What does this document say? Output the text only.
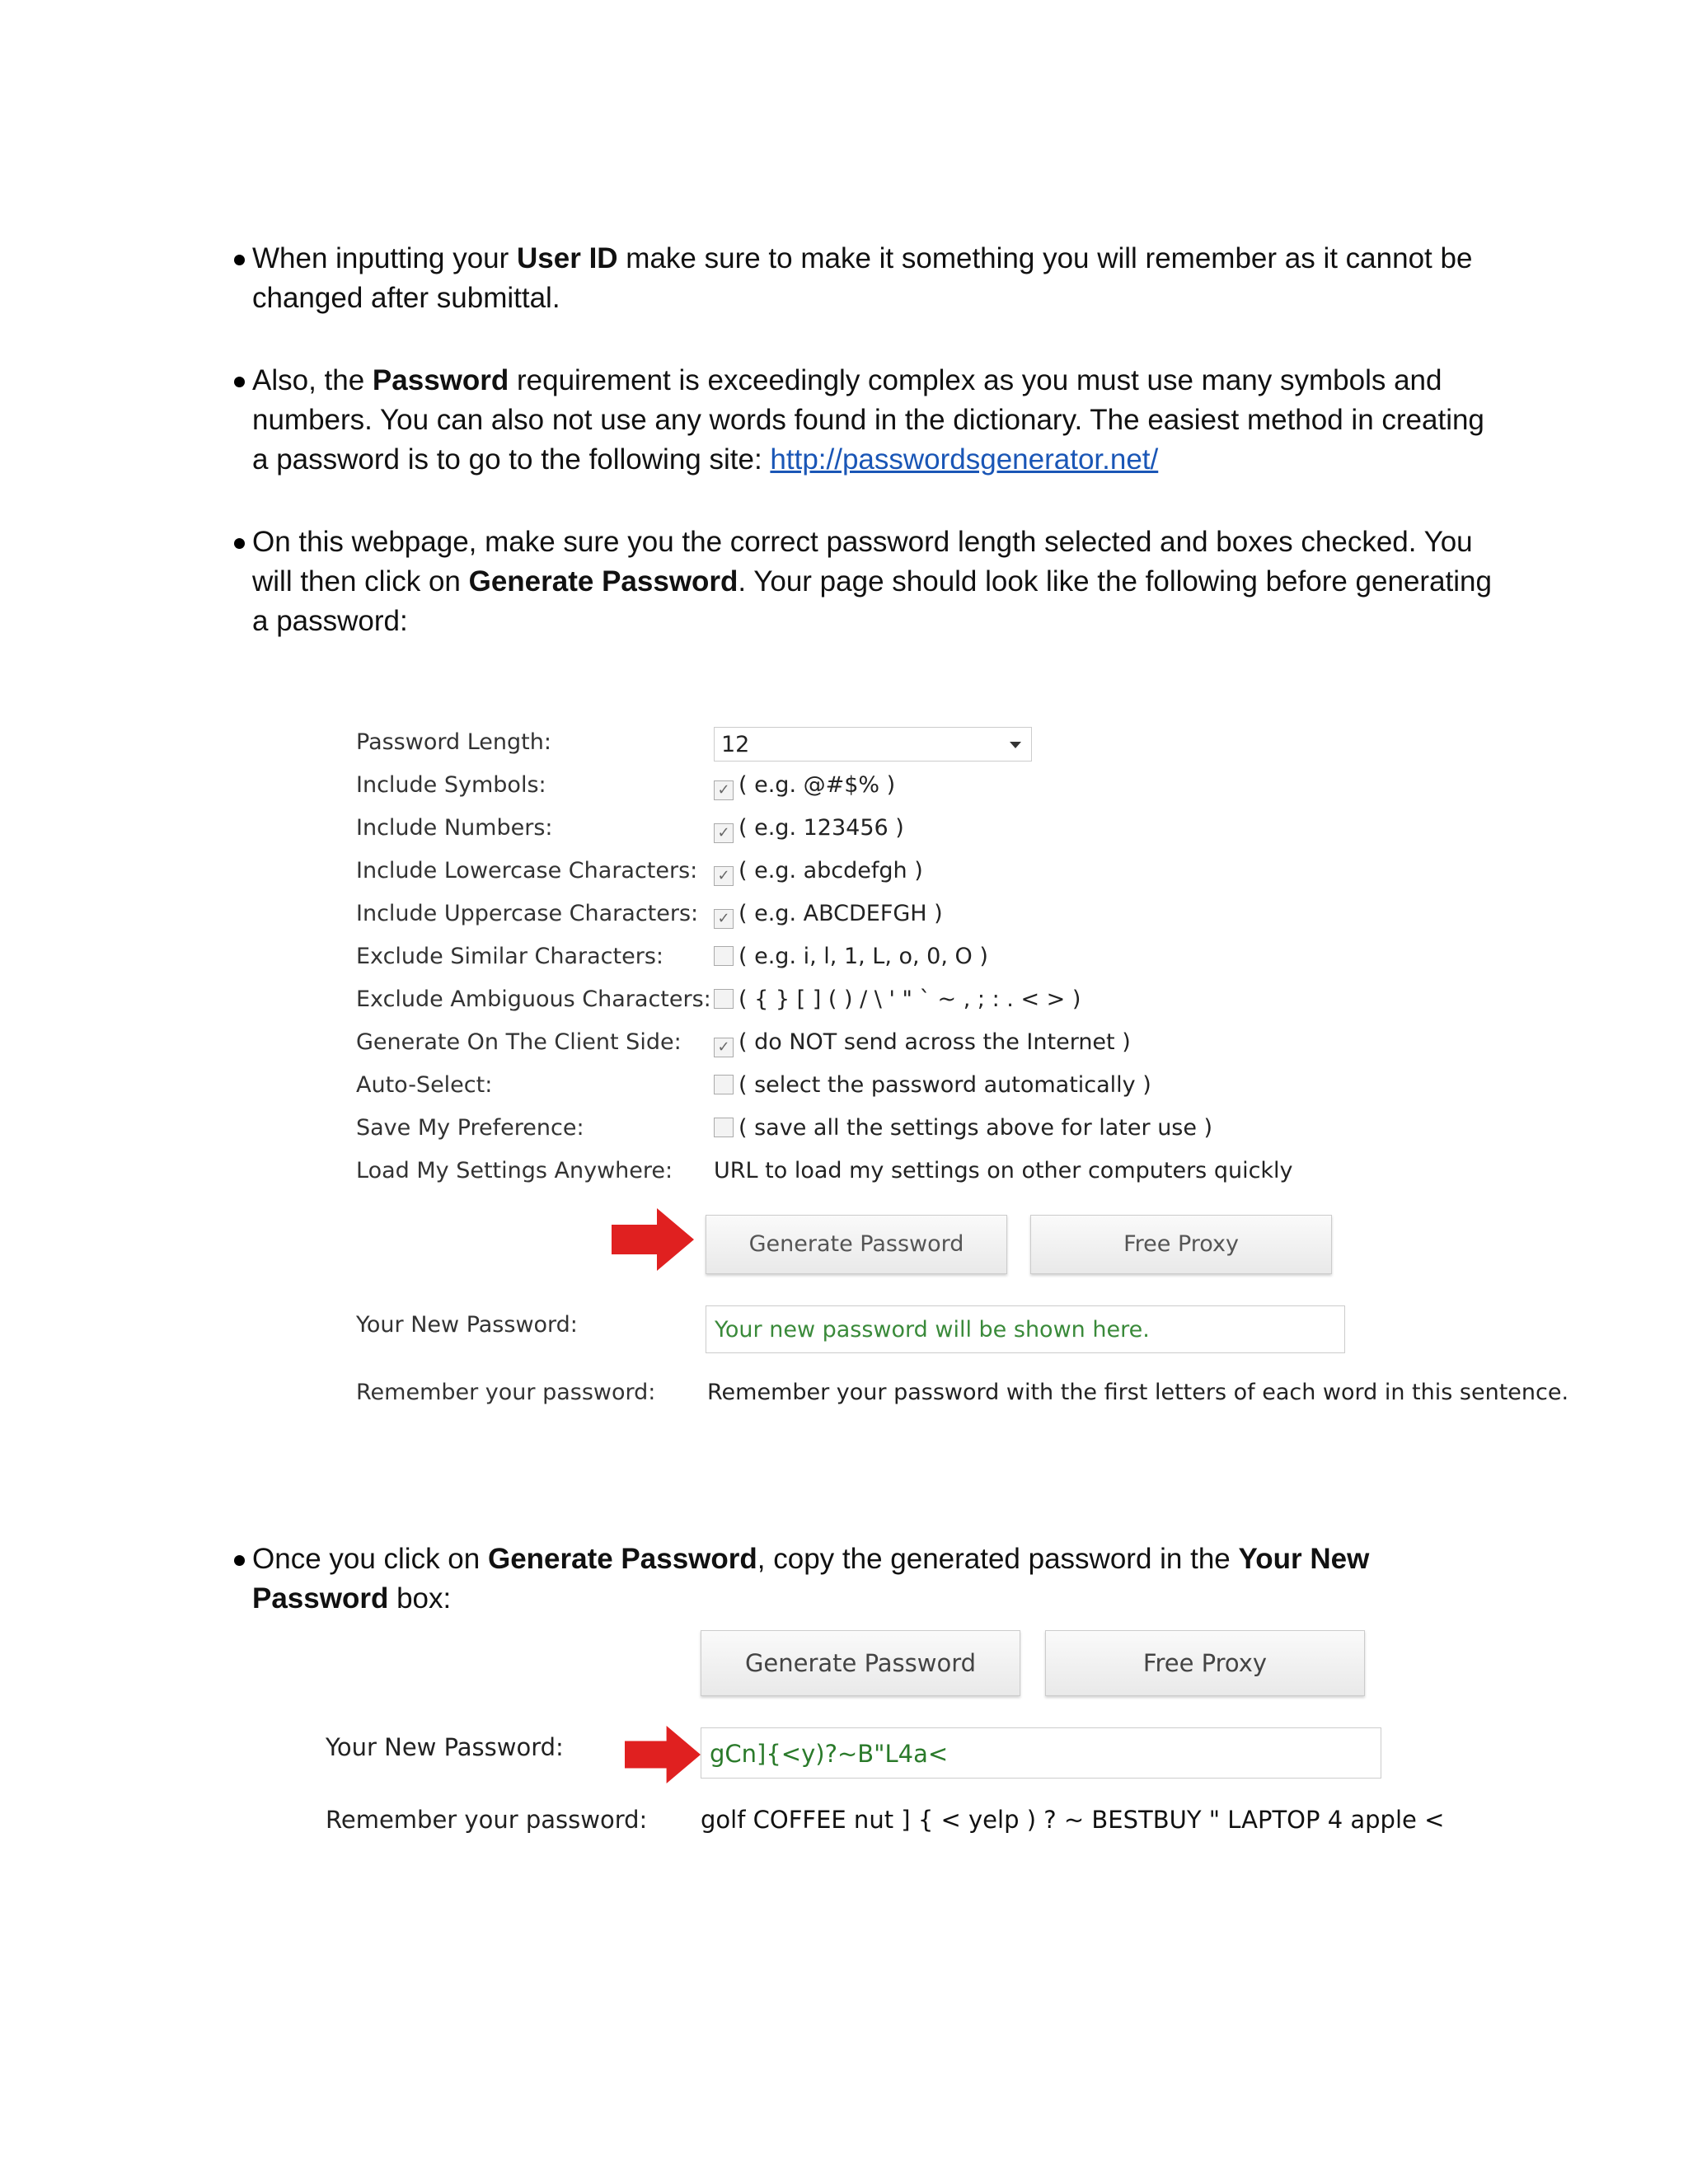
When inputting your User ID make sure to make it something you will remember as it cannot be changed after submittal.
Also, the Password requirement is exceedingly complex as you must use many symbols and numbers. You can also not use any words found in the dictionary. The easiest method in creating a password is to go to the following site: http://passwordsgenerator.net/
On this webpage, make sure you the correct password length selected and boxes checked. You will then click on Generate Password. Your page should look like the following before generating a password:
Once you click on Generate Password, copy the generated password in the Your New Password box:
Password Length:	12
Include Symbols:	✓ ( e.g. @#$% )
Include Numbers:	✓ ( e.g. 123456 )
Include Lowercase Characters: ✓ ( e.g. abcdefgh )
Include Uppercase Characters: ✓ ( e.g. ABCDEFGH )
Exclude Similar Characters:	( e.g. i, l, 1, L, o, 0, O )
Exclude Ambiguous Characters:	( { } [ ] ( ) / \ ' " ` ~ , ; : . < > )
Generate On The Client Side: ✓ ( do NOT send across the Internet )
Auto-Select:	( select the password automatically )
Save My Preference:	( save all the settings above for later use )
Load My Settings Anywhere: URL to load my settings on other computers quickly
Generate Password	Free Proxy
Your New Password:	Your new password will be shown here.
Remember your password: Remember your password with the first letters of each word in this sentence.
Generate Password	Free Proxy
Your New Password:	gCn]{<y)?~B"L4a<
Remember your password: golf COFFEE nut ] { < yelp ) ? ~ BESTBUY " LAPTOP 4 apple <
